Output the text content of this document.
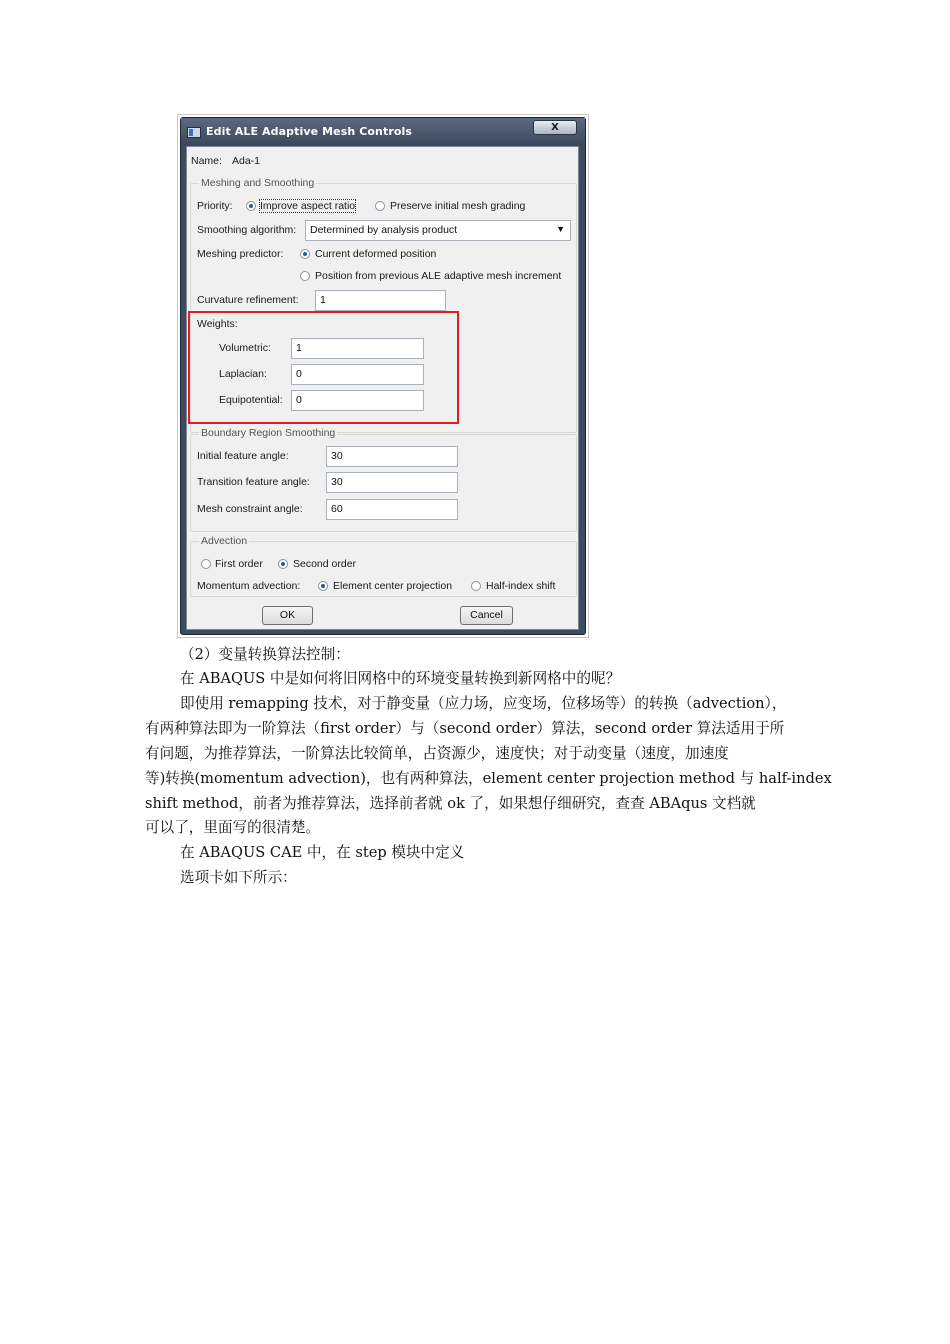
Edit ALE Adaptive Mesh Controls	X
Name: Ada-1
Meshing and Smoothing
Priority:	Improve aspect ratio	Preserve initial mesh grading
Smoothing algorithm:	Determined by analysis product	▼
Meshing predictor:	Current deformed position
Position from previous ALE adaptive mesh increment
Curvature refinement:	1
Weights:
Volumetric:	1
Laplacian:	0
Equipotential:	0
Boundary Region Smoothing
Initial feature angle:	30
Transition feature angle:	30
Mesh constraint angle:	60
Advection
First order	Second order
Momentum advection:	Element center projection	Half-index shift
OK	Cancel
（2）变量转换算法控制：
在 ABAQUS 中是如何将旧网格中的环境变量转换到新网格中的呢？
即使用 remapping 技术，对于静变量（应力场，应变场，位移场等）的转换（advection），
有两种算法即为一阶算法（first order）与（second order）算法，second order 算法适用于所
有问题，为推荐算法，一阶算法比较简单，占资源少，速度快；对于动变量（速度，加速度
等)转换(momentum advection)，也有两种算法，element center projection method 与 half-index
shift method，前者为推荐算法，选择前者就 ok 了，如果想仔细研究，查查 ABAqus 文档就
可以了，里面写的很清楚。
在 ABAQUS CAE 中，在 step 模块中定义
选项卡如下所示：
